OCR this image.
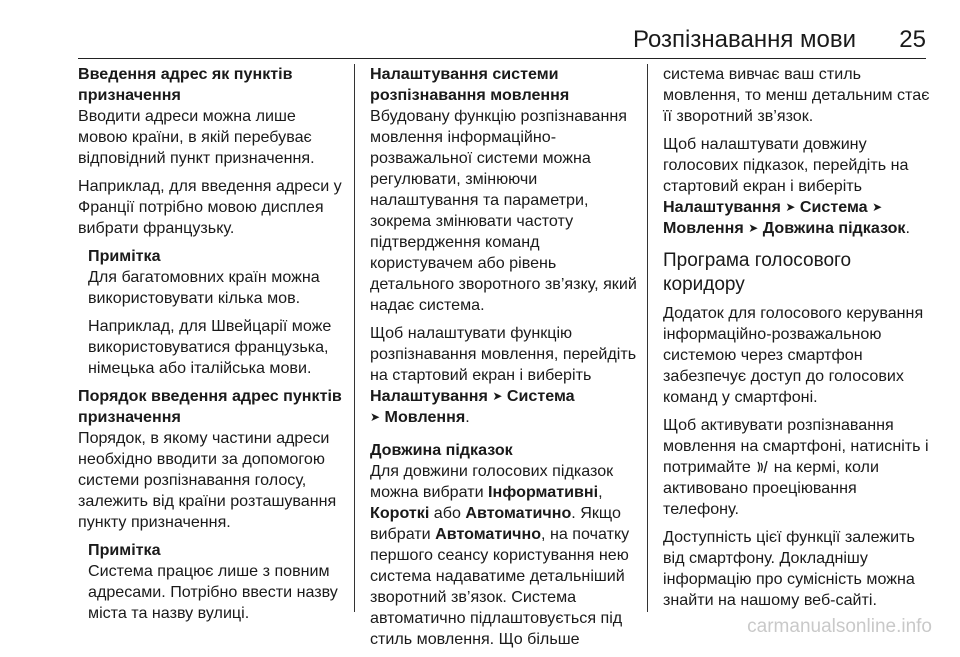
Розпізнавання мови 25
Введення адрес як пунктів призначення

Вводити адреси можна лише мовою країни, в якій перебуває відповідний пункт призначення.

Наприклад, для введення адреси у Франції потрібно мовою дисплея вибрати французьку.

Примітка

Для багатомовних країн можна використовувати кілька мов.

Наприклад, для Швейцарії може використовуватися французька, німецька або італійська мови.

Порядок введення адрес пунктів призначення

Порядок, в якому частини адреси необхідно вводити за допомогою системи розпізнавання голосу, залежить від країни розташування пункту призначення.

Примітка

Система працює лише з повним адресами. Потрібно ввести назву міста та назву вулиці.

Налаштування системи розпізнавання мовлення

Вбудовану функцію розпізнавання мовлення інформаційно-розважальної системи можна регулювати, змінюючи налаштування та параметри, зокрема змінювати частоту підтвердження команд користувачем або рівень детального зворотного зв’язку, який надає система.

Щоб налаштувати функцію розпізнавання мовлення, перейдіть на стартовий екран і виберіть Налаштування ➤ Система
➤ Мовлення.

Довжина підказок

Для довжини голосових підказок можна вибрати Інформативні, Короткі або Автоматично. Якщо вибрати Автоматично, на початку першого сеансу користування нею система надаватиме детальніший зворотний зв’язок. Система автоматично підлаштовується під стиль мовлення. Що більше

система вивчає ваш стиль мовлення, то менш детальним стає її зворотний зв’язок.

Щоб налаштувати довжину голосових підказок, перейдіть на стартовий екран і виберіть Налаштування ➤ Система ➤
Мовлення ➤ Довжина підказок.

Програма голосового коридору

Додаток для голосового керування інформаційно-розважальною системою через смартфон забезпечує доступ до голосових команд у смартфоні.

Щоб активувати розпізнавання мовлення на смартфоні, натисніть і потримайте  на кермі, коли активовано проеціювання телефону.

Доступність цієї функції залежить від смартфону. Докладнішу інформацію про сумісність можна знайти на нашому веб-сайті.

carmanualsonline.info
